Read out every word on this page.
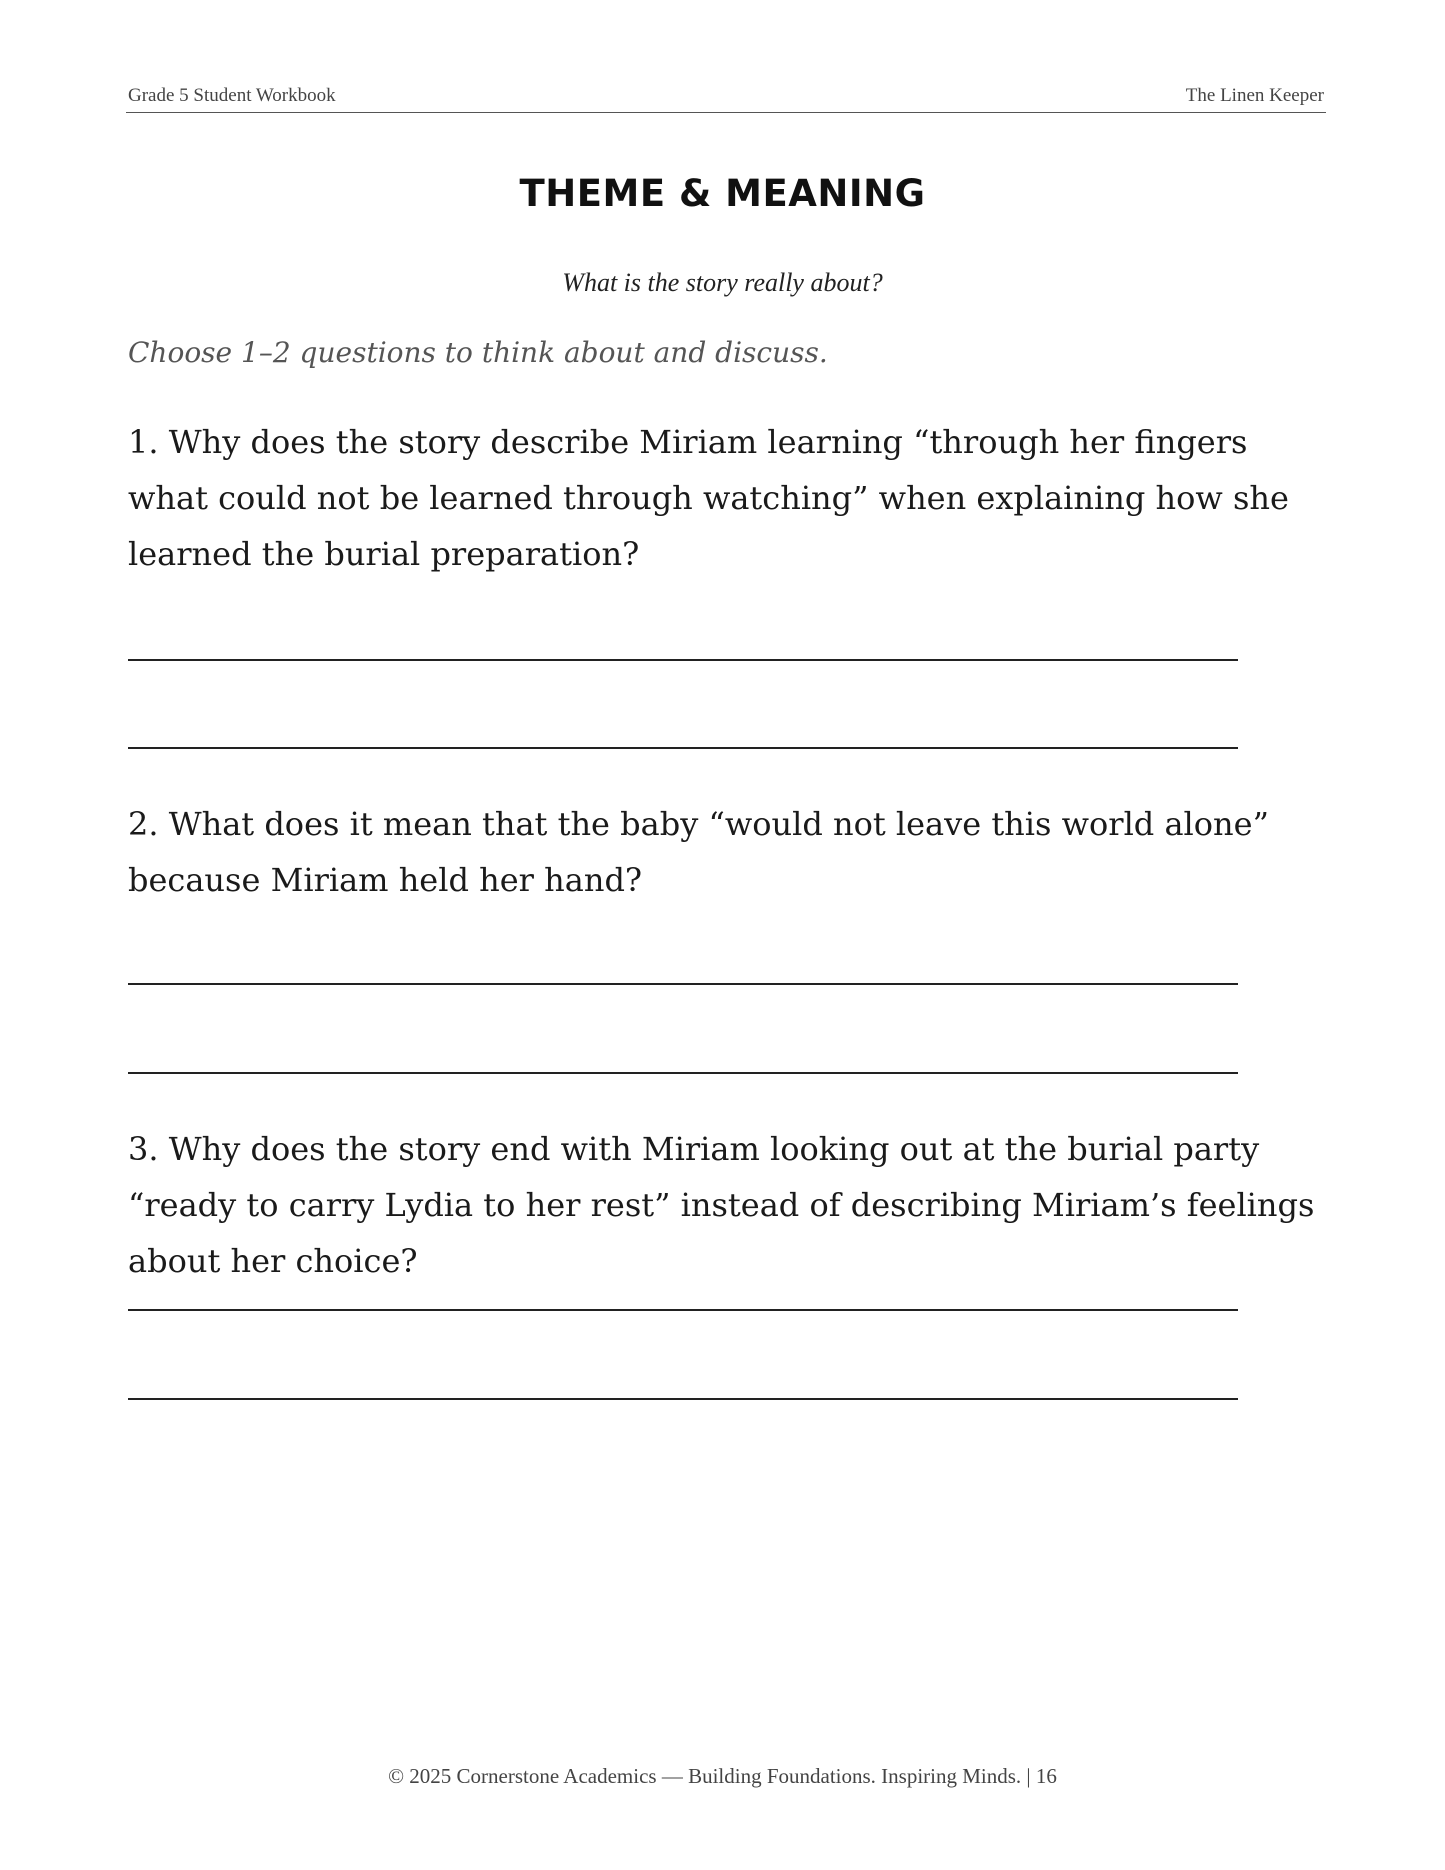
Grade 5 Student Workbook	The Linen Keeper
THEME & MEANING
What is the story really about?
Choose 1–2 questions to think about and discuss.
1. Why does the story describe Miriam learning “through her fingers what could not be learned through watching” when explaining how she learned the burial preparation?
2. What does it mean that the baby “would not leave this world alone” because Miriam held her hand?
3. Why does the story end with Miriam looking out at the burial party “ready to carry Lydia to her rest” instead of describing Miriam’s feelings about her choice?
© 2025 Cornerstone Academics — Building Foundations. Inspiring Minds. | 16
